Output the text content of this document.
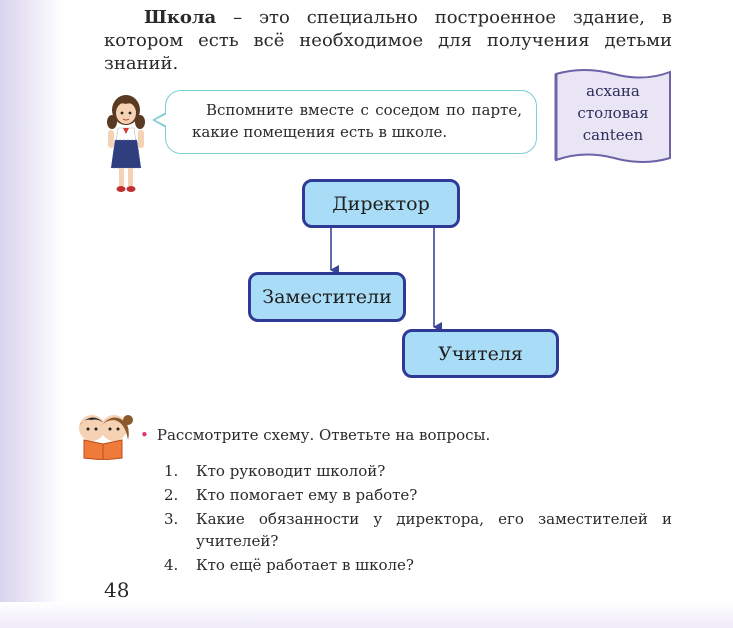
Школа – это специально построенное здание, в котором есть всё необходимое для получения детьми знаний.

Вспомните вместе с соседом по парте, какие помещения есть в школе.

асхана
столовая
canteen
Директор
Заместители
Учителя
• Рассмотрите схему. Ответьте на вопросы.
1.	Кто руководит школой?
2.	Кто помогает ему в работе?
3.	Какие обязанности у директора, его заместителей и учителей?
4.	Кто ещё работает в школе?
48
